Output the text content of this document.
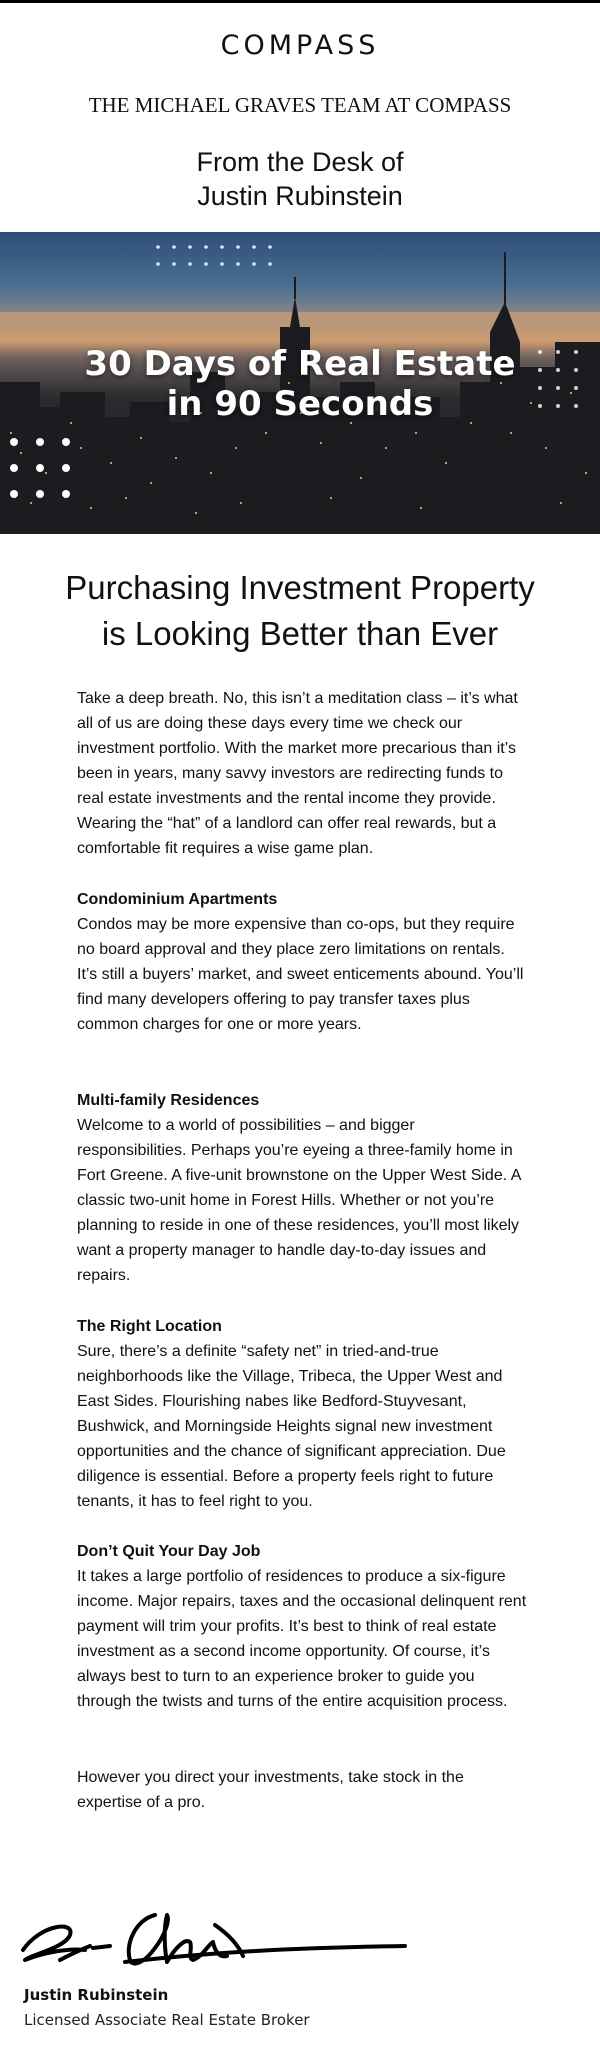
COMPASS
THE MICHAEL GRAVES TEAM AT COMPASS
From the Desk of
Justin Rubinstein
30 Days of Real Estate
in 90 Seconds
Purchasing Investment Property
is Looking Better than Ever

Take a deep breath. No, this isn’t a meditation class – it’s what all of us are doing these days every time we check our investment portfolio. With the market more precarious than it’s been in years, many savvy investors are redirecting funds to real estate investments and the rental income they provide. Wearing the “hat” of a landlord can offer real rewards, but a comfortable fit requires a wise game plan.

Condominium Apartments

Condos may be more expensive than co-ops, but they require no board approval and they place zero limitations on rentals. It’s still a buyers’ market, and sweet enticements abound. You’ll find many developers offering to pay transfer taxes plus common charges for one or more years.

Multi-family Residences

Welcome to a world of possibilities – and bigger responsibilities. Perhaps you’re eyeing a three-family home in Fort Greene. A five-unit brownstone on the Upper West Side. A classic two-unit home in Forest Hills. Whether or not you’re planning to reside in one of these residences, you’ll most likely want a property manager to handle day-to-day issues and repairs.

The Right Location

Sure, there’s a definite “safety net” in tried-and-true neighborhoods like the Village, Tribeca, the Upper West and East Sides. Flourishing nabes like Bedford-Stuyvesant, Bushwick, and Morningside Heights signal new investment opportunities and the chance of significant appreciation. Due diligence is essential. Before a property feels right to future tenants, it has to feel right to you.

Don’t Quit Your Day Job

It takes a large portfolio of residences to produce a six-figure income. Major repairs, taxes and the occasional delinquent rent payment will trim your profits. It’s best to think of real estate investment as a second income opportunity. Of course, it’s always best to turn to an experience broker to guide you through the twists and turns of the entire acquisition process.

However you direct your investments, take stock in the expertise of a pro.

Justin Rubinstein
Licensed Associate Real Estate Broker
